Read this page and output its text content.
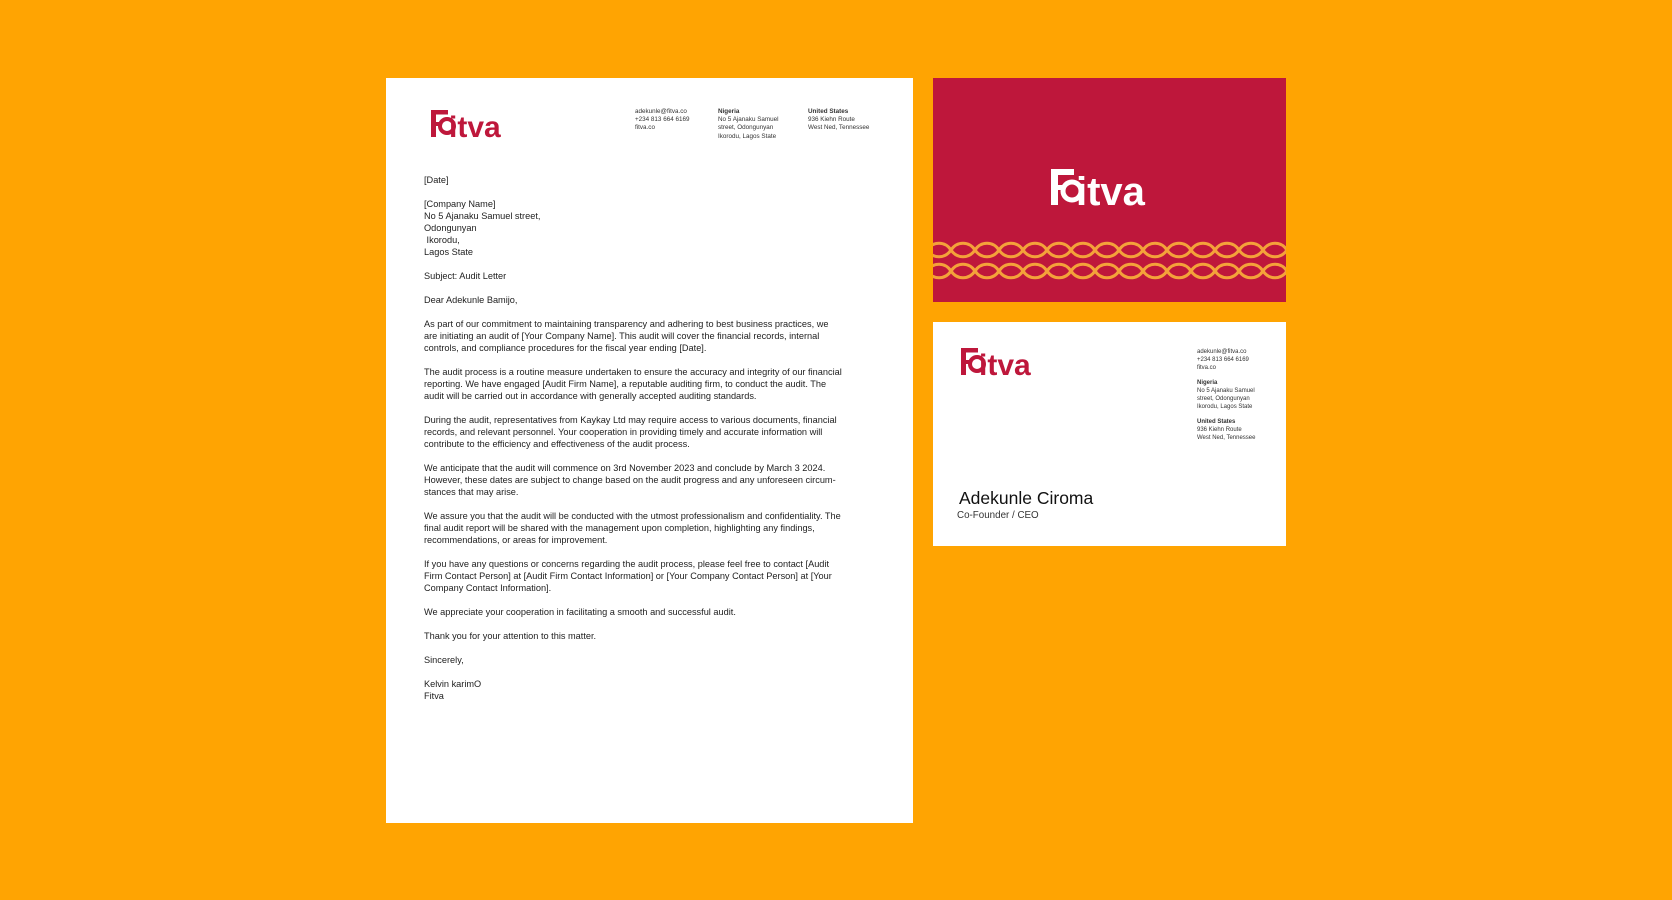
itva	adekunle@fitva.co
+234 813 664 6169
fitva.co
Nigeria
No 5 Ajanaku Samuel
street, Odongunyan
Ikorodu, Lagos State
United States
936 Kiehn Route
West Ned, Tennessee
[Date]
[Company Name]
No 5 Ajanaku Samuel street,
Odongunyan
Ikorodu,
Lagos State
Subject: Audit Letter
Dear Adekunle Bamijo,
As part of our commitment to maintaining transparency and adhering to best business practices, we
are initiating an audit of [Your Company Name]. This audit will cover the financial records, internal
controls, and compliance procedures for the fiscal year ending [Date].
The audit process is a routine measure undertaken to ensure the accuracy and integrity of our financial
reporting. We have engaged [Audit Firm Name], a reputable auditing firm, to conduct the audit. The
audit will be carried out in accordance with generally accepted auditing standards.
During the audit, representatives from Kaykay Ltd may require access to various documents, financial
records, and relevant personnel. Your cooperation in providing timely and accurate information will
contribute to the efficiency and effectiveness of the audit process.
We anticipate that the audit will commence on 3rd November 2023 and conclude by March 3 2024.
However, these dates are subject to change based on the audit progress and any unforeseen circum-
stances that may arise.
We assure you that the audit will be conducted with the utmost professionalism and confidentiality. The
final audit report will be shared with the management upon completion, highlighting any findings,
recommendations, or areas for improvement.
If you have any questions or concerns regarding the audit process, please feel free to contact [Audit
Firm Contact Person] at [Audit Firm Contact Information] or [Your Company Contact Person] at [Your
Company Contact Information].
We appreciate your cooperation in facilitating a smooth and successful audit.
Thank you for your attention to this matter.
Sincerely,
Kelvin karimO
Fitva
itva
itva	adekunle@fitva.co
+234 813 664 6169
fitva.co
Nigeria
No 5 Ajanaku Samuel
street, Odongunyan
Ikorodu, Lagos State
United States
936 Kiehn Route
West Ned, Tennessee
Adekunle Ciroma
Co-Founder / CEO
